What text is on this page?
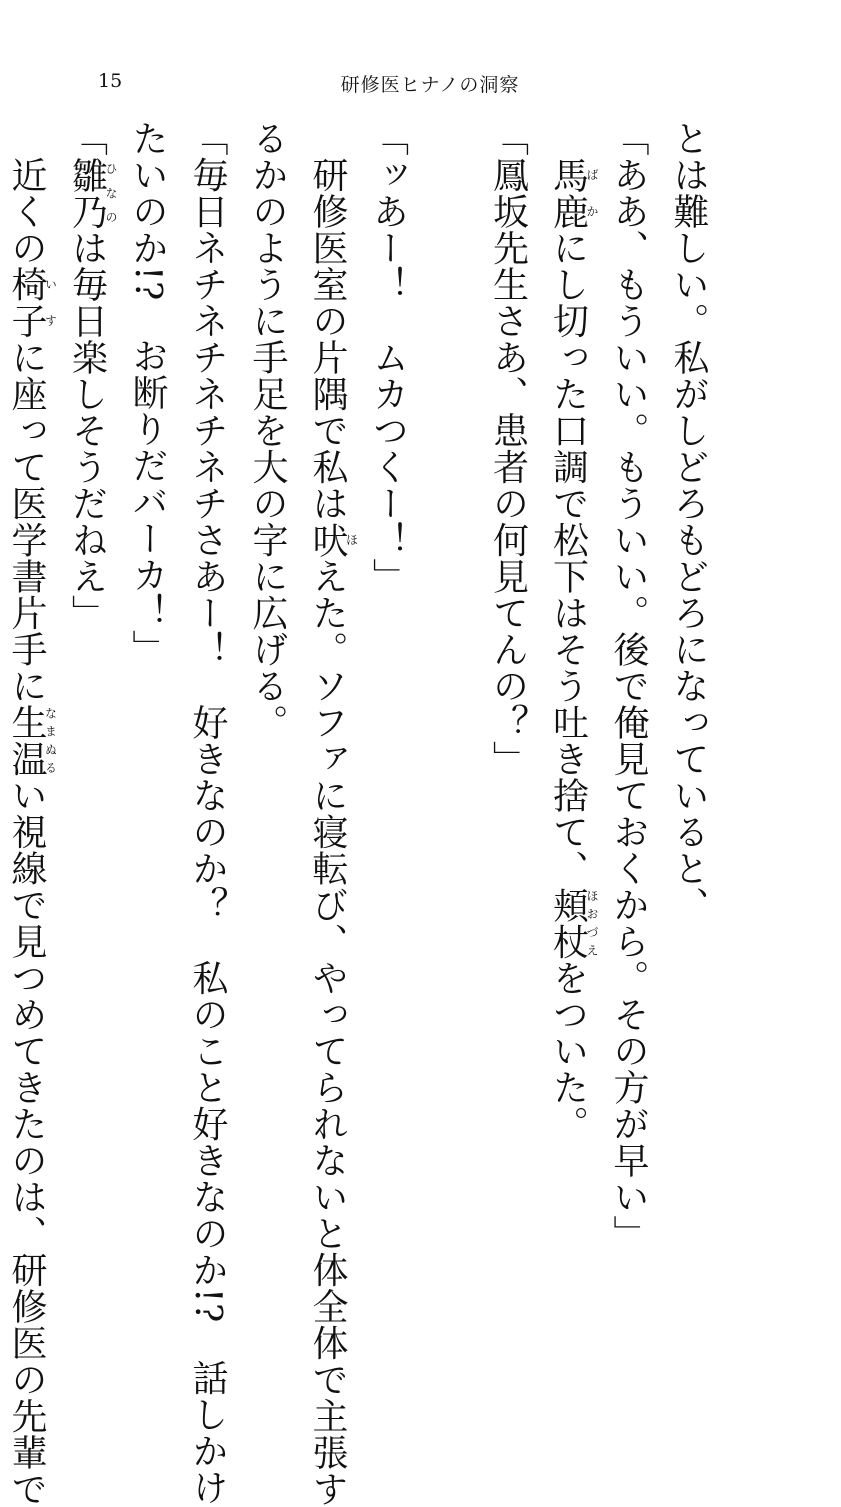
15	研修医ヒナノの洞察

とは難しい。私がしどろもどろになっていると、

「ああ、もういい。もういい。後で俺見ておくから。その方が早い」

　馬鹿ばかにし切った口調で松下はそう吐き捨て、頬杖ほおづえをついた。

「鳳坂先生さあ、患者の何見てんの？」

「ッあー！　ムカつくー！」

　研修医室の片隅で私は吠ほえた。ソファに寝転び、やってられないと体全体で主張す

るかのように手足を大の字に広げる。

「毎日ネチネチネチネチさあー！　好きなのか？　私のこと好きなのか!?　話しかけ

たいのか!?　お断りだバーカ！」

「雛乃ひなのは毎日楽しそうだねえ」

　近くの椅子いすに座って医学書片手に生温なまぬるい視線で見つめてきたのは、研修医の先輩で
